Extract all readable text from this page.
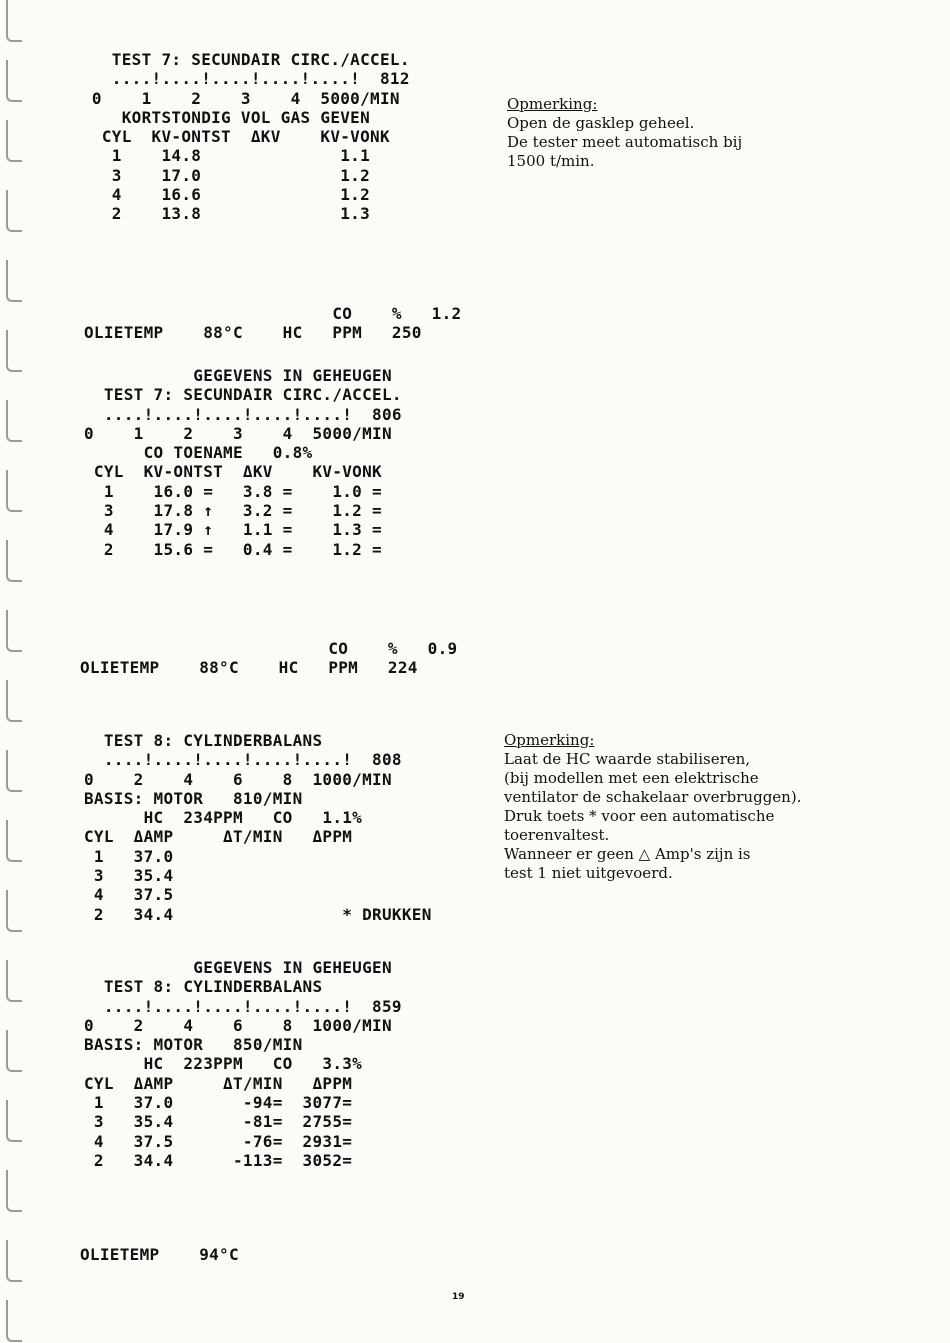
TEST 7: SECUNDAIR CIRC./ACCEL.
....!....!....!....!....!  812
0    1    2    3    4  5000/MIN
KORTSTONDIG VOL GAS GEVEN
CYL  KV-ONTST  ΔKV    KV-VONK
1    14.8              1.1
3    17.0              1.2
4    16.6              1.2
2    13.8              1.3
CO    %   1.2
OLIETEMP    88°C    HC   PPM   250
GEGEVENS IN GEHEUGEN
TEST 7: SECUNDAIR CIRC./ACCEL.
....!....!....!....!....!  806
0    1    2    3    4  5000/MIN
CO TOENAME   0.8%
CYL  KV-ONTST  ΔKV    KV-VONK
1    16.0 =   3.8 =    1.0 =
3    17.8 ↑   3.2 =    1.2 =
4    17.9 ↑   1.1 =    1.3 =
2    15.6 =   0.4 =    1.2 =
CO    %   0.9
OLIETEMP    88°C    HC   PPM   224
TEST 8: CYLINDERBALANS
....!....!....!....!....!  808
0    2    4    6    8  1000/MIN
BASIS: MOTOR   810/MIN
HC  234PPM   CO   1.1%
CYL  ΔAMP     ΔT/MIN   ΔPPM
1   37.0
3   35.4
4   37.5
2   34.4                 * DRUKKEN
GEGEVENS IN GEHEUGEN
TEST 8: CYLINDERBALANS
....!....!....!....!....!  859
0    2    4    6    8  1000/MIN
BASIS: MOTOR   850/MIN
HC  223PPM   CO   3.3%
CYL  ΔAMP     ΔT/MIN   ΔPPM
1   37.0       -94=  3077=
3   35.4       -81=  2755=
4   37.5       -76=  2931=
2   34.4      -113=  3052=
OLIETEMP    94°C
Opmerking:
Open de gasklep geheel.
De tester meet automatisch bij
1500 t/min.
Opmerking:
Laat de HC waarde stabiliseren,
(bij modellen met een elektrische
ventilator de schakelaar overbruggen).
Druk toets * voor een automatische
toerenvaltest.
Wanneer er geen △ Amp's zijn is
test 1 niet uitgevoerd.
19
